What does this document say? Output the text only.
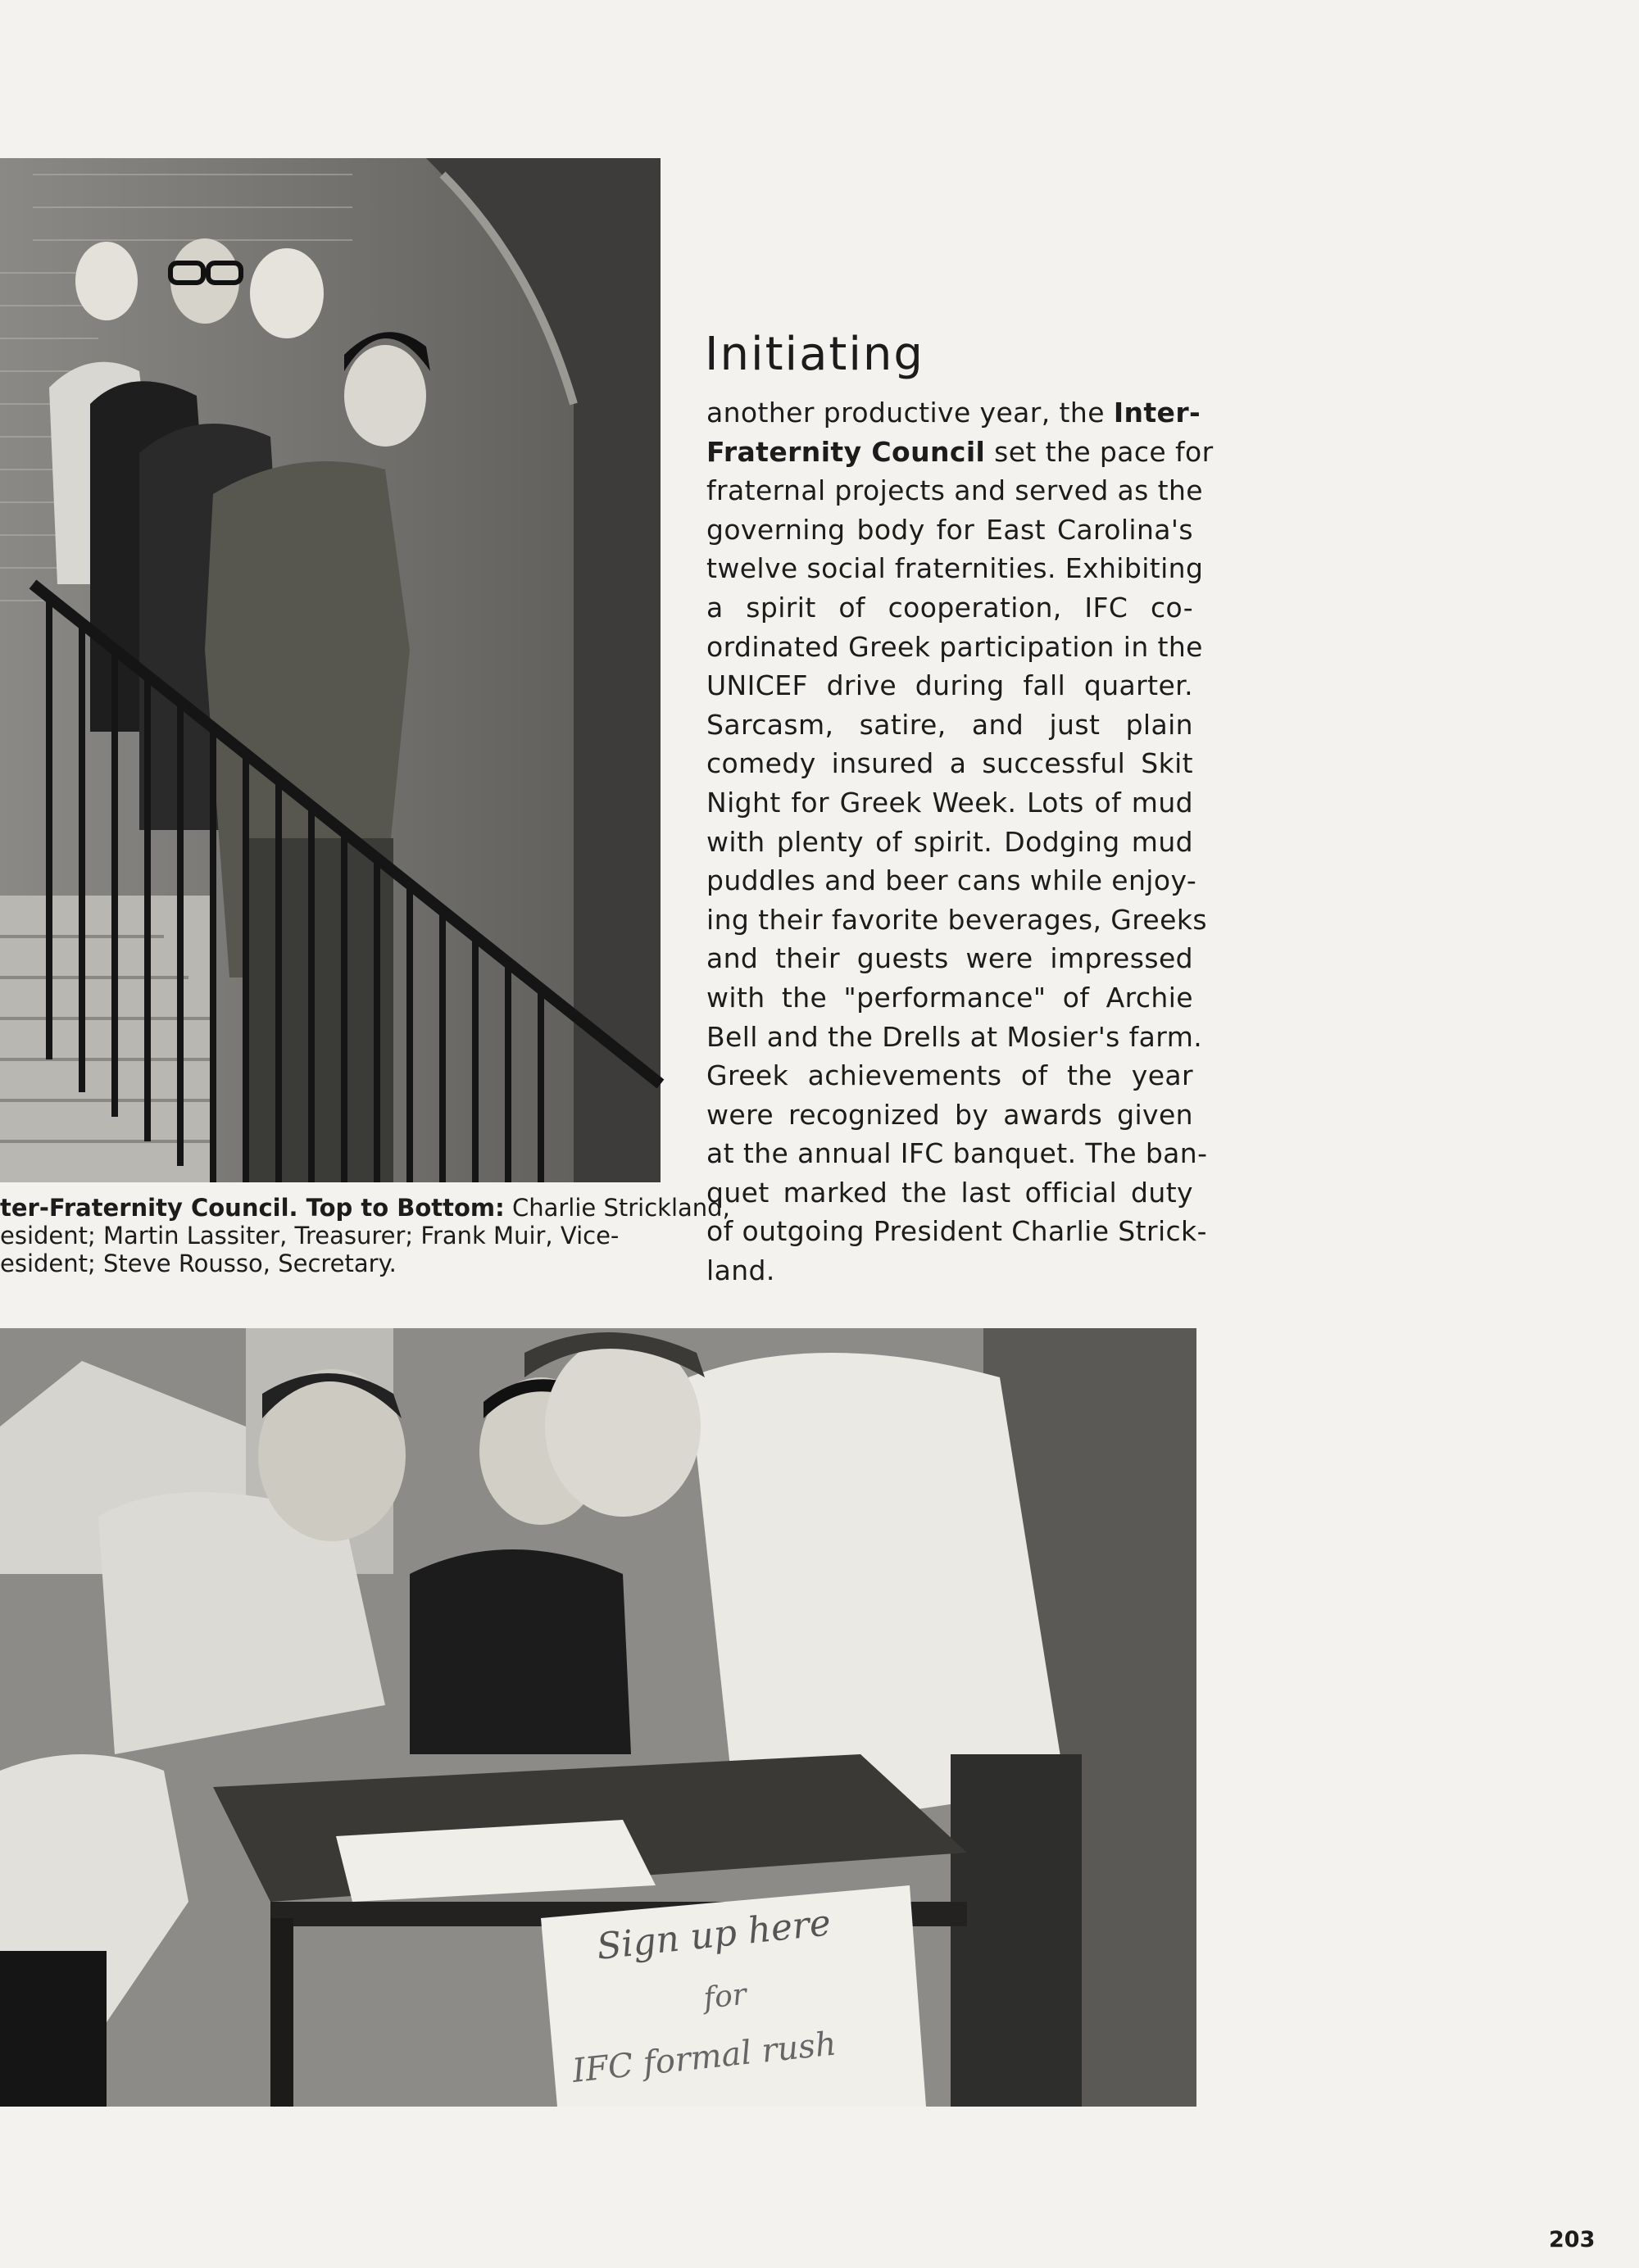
ter-Fraternity Council. Top to Bottom: Charlie Strickland,
esident; Martin Lassiter, Treasurer; Frank Muir, Vice-
esident; Steve Rousso, Secretary.
Initiating
another productive year, the Inter-
Fraternity Council set the pace for
fraternal projects and served as the
governing body for East Carolina's
twelve social fraternities. Exhibiting
a spirit of cooperation, IFC co-
ordinated Greek participation in the
UNICEF drive during fall quarter.
Sarcasm, satire, and just plain
comedy insured a successful Skit
Night for Greek Week. Lots of mud
with plenty of spirit. Dodging mud
puddles and beer cans while enjoy-
ing their favorite beverages, Greeks
and their guests were impressed
with the "performance" of Archie
Bell and the Drells at Mosier's farm.
Greek achievements of the year
were recognized by awards given
at the annual IFC banquet. The ban-
quet marked the last official duty
of outgoing President Charlie Strick-
land.
Sign up here
for
IFC formal rush
203
